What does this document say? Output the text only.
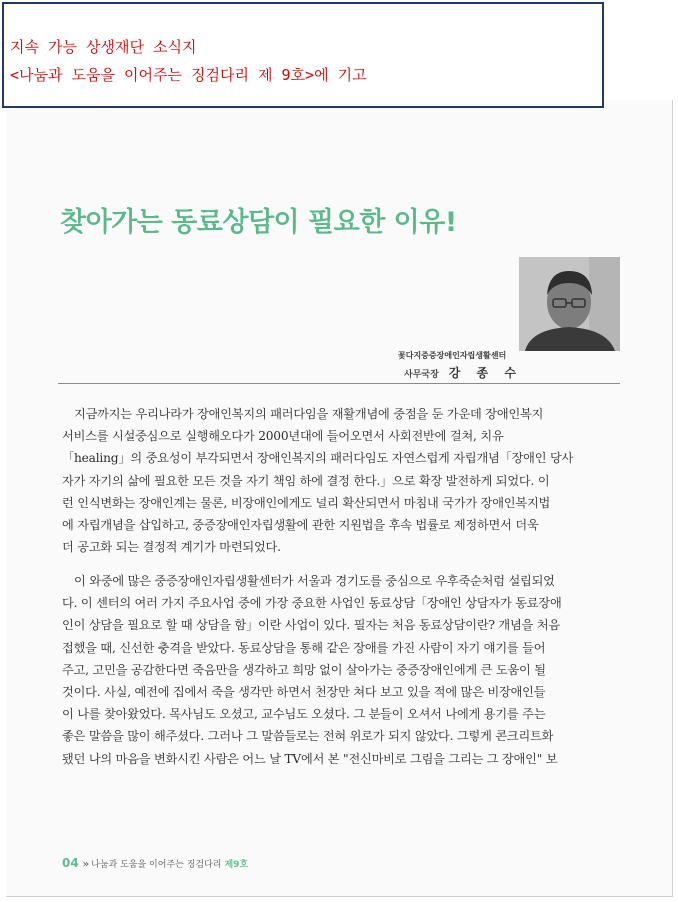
지속 가능 상생재단 소식지

<나눔과 도움을 이어주는 징검다리 제 9호>에 기고

찾아가는 동료상담이 필요한 이유!

꽃다지중증장애인자립생활센터

사무국장 강 종 수

지금까지는 우리나라가 장애인복지의 패러다임을 재활개념에 중점을 둔 가운데 장애인복지
서비스를 시설중심으로 실행해오다가 2000년대에 들어오면서 사회전반에 걸쳐, 치유
「healing」의 중요성이 부각되면서 장애인복지의 패러다임도 자연스럽게 자립개념「장애인 당사
자가 자기의 삶에 필요한 모든 것을 자기 책임 하에 결정 한다.」으로 확장 발전하게 되었다. 이
런 인식변화는 장애인계는 물론, 비장애인에게도 널리 확산되면서 마침내 국가가 장애인복지법
에 자립개념을 삽입하고, 중증장애인자립생활에 관한 지원법을 후속 법률로 제정하면서 더욱
더 공고화 되는 결정적 계기가 마련되었다.

이 와중에 많은 중증장애인자립생활센터가 서울과 경기도를 중심으로 우후죽순처럼 설립되었
다. 이 센터의 여러 가지 주요사업 중에 가장 중요한 사업인 동료상담「장애인 상담자가 동료장애
인이 상담을 필요로 할 때 상담을 함」이란 사업이 있다. 필자는 처음 동료상담이란? 개념을 처음
접했을 때, 신선한 충격을 받았다. 동료상담을 통해 같은 장애를 가진 사람이 자기 얘기를 들어
주고, 고민을 공감한다면 죽음만을 생각하고 희망 없이 살아가는 중증장애인에게 큰 도움이 될
것이다. 사실, 예전에 집에서 죽을 생각만 하면서 천장만 쳐다 보고 있을 적에 많은 비장애인들
이 나를 찾아왔었다. 목사님도 오셨고, 교수님도 오셨다. 그 분들이 오셔서 나에게 용기를 주는
좋은 말씀을 많이 해주셨다. 그러나 그 말씀들로는 전혀 위로가 되지 않았다. 그렇게 콘크리트화
됐던 나의 마음을 변화시킨 사람은 어느 날 TV에서 본 "전신마비로 그림을 그리는 그 장애인" 보

04 » 나눔과 도움을 이어주는 징검다리 제9호
